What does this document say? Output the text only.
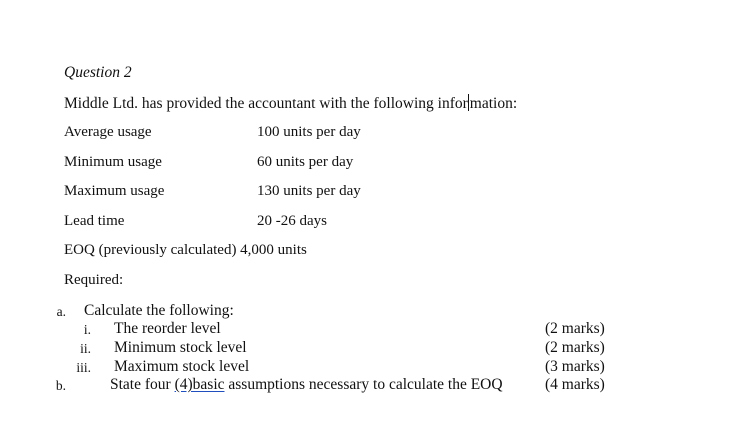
Question 2
Middle Ltd. has provided the accountant with the following infor mation:
Average usage	100 units per day
Minimum usage	60 units per day
Maximum usage	130 units per day
Lead time	20 -26 days
EOQ (previously calculated) 4,000 units
Required:
a. Calculate the following:
i. The reorder level	(2 marks)
ii. Minimum stock level	(2 marks)
iii. Maximum stock level	(3 marks)
b.	State four (4)basic assumptions necessary to calculate the EOQ	(4 marks)
